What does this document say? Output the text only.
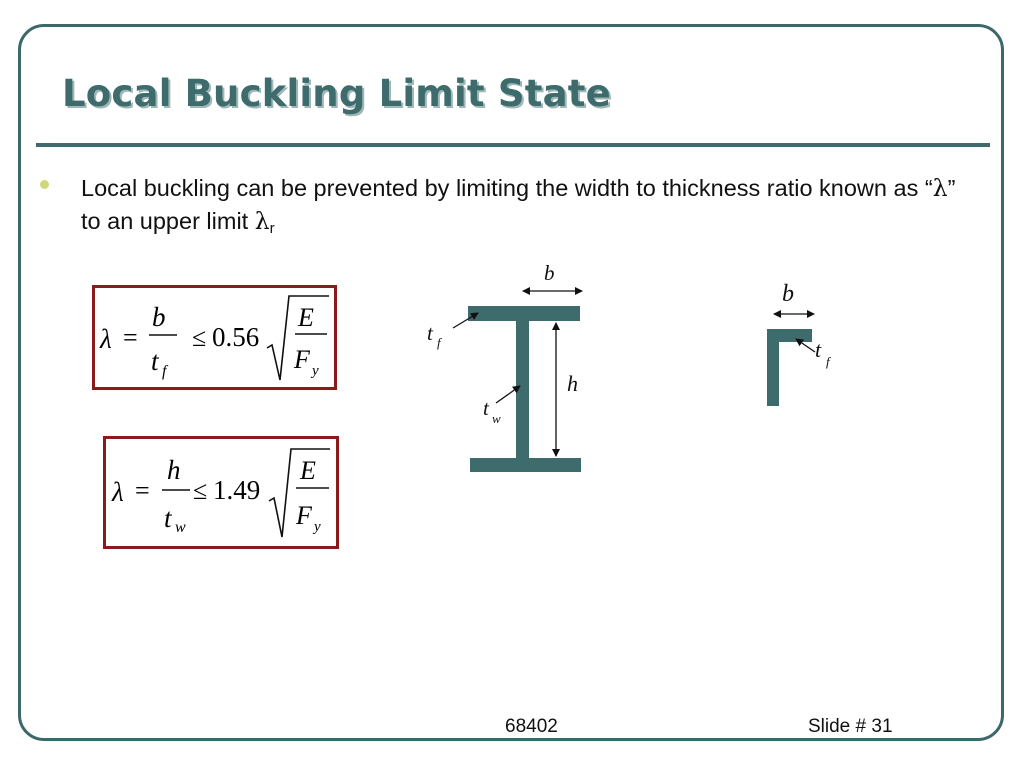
Local Buckling Limit State
Local buckling can be prevented by limiting the width to thickness ratio known as “λ” to an upper limit $\lambda_r$
λ =
b
t f
≤ 0.56
E
F y
λ =
h
t w
≤ 1.49
E
F y
b
h
t f
t w
b
t f
68402	Slide # 31
